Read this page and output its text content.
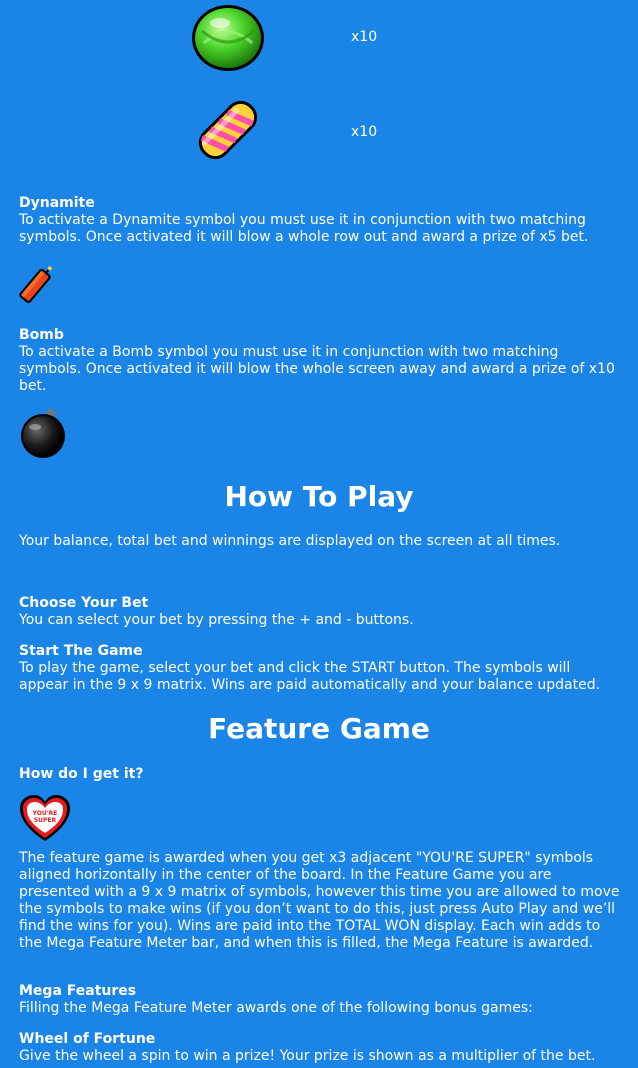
x10
x10
Dynamite
To activate a Dynamite symbol you must use it in conjunction with two matching symbols. Once activated it will blow a whole row out and award a prize of x5 bet.
Bomb
To activate a Bomb symbol you must use it in conjunction with two matching symbols. Once activated it will blow the whole screen away and award a prize of x10 bet.
How To Play
Your balance, total bet and winnings are displayed on the screen at all times.
Choose Your Bet
You can select your bet by pressing the + and - buttons.
Start The Game
To play the game, select your bet and click the START button. The symbols will appear in the 9 x 9 matrix. Wins are paid automatically and your balance updated.
Feature Game
How do I get it?
YOU'RE
SUPER
The feature game is awarded when you get x3 adjacent "YOU'RE SUPER" symbols aligned horizontally in the center of the board. In the Feature Game you are presented with a 9 x 9 matrix of symbols, however this time you are allowed to move the symbols to make wins (if you don’t want to do this, just press Auto Play and we’ll find the wins for you). Wins are paid into the TOTAL WON display. Each win adds to the Mega Feature Meter bar, and when this is filled, the Mega Feature is awarded.
Mega Features
Filling the Mega Feature Meter awards one of the following bonus games:
Wheel of Fortune
Give the wheel a spin to win a prize! Your prize is shown as a multiplier of the bet.
